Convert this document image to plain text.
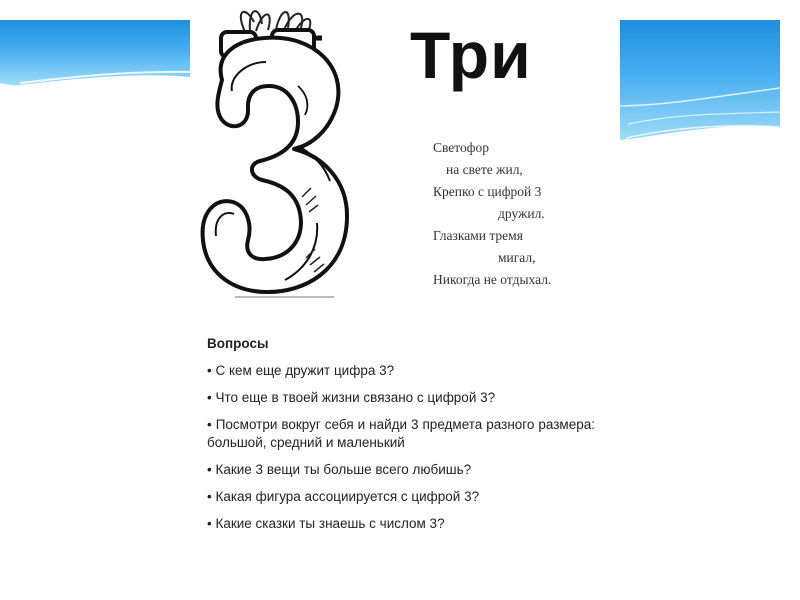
Три
Светофор
на свете жил,
Крепко с цифрой 3
дружил.
Глазками тремя
мигал,
Никогда не отдыхал.
Вопросы
• С кем еще дружит цифра 3?
• Что еще в твоей жизни связано с цифрой 3?
• Посмотри вокруг себя и найди 3 предмета разного размера: большой, средний и маленький
• Какие 3 вещи ты больше всего любишь?
• Какая фигура ассоциируется с цифрой 3?
• Какие сказки ты знаешь с числом 3?
